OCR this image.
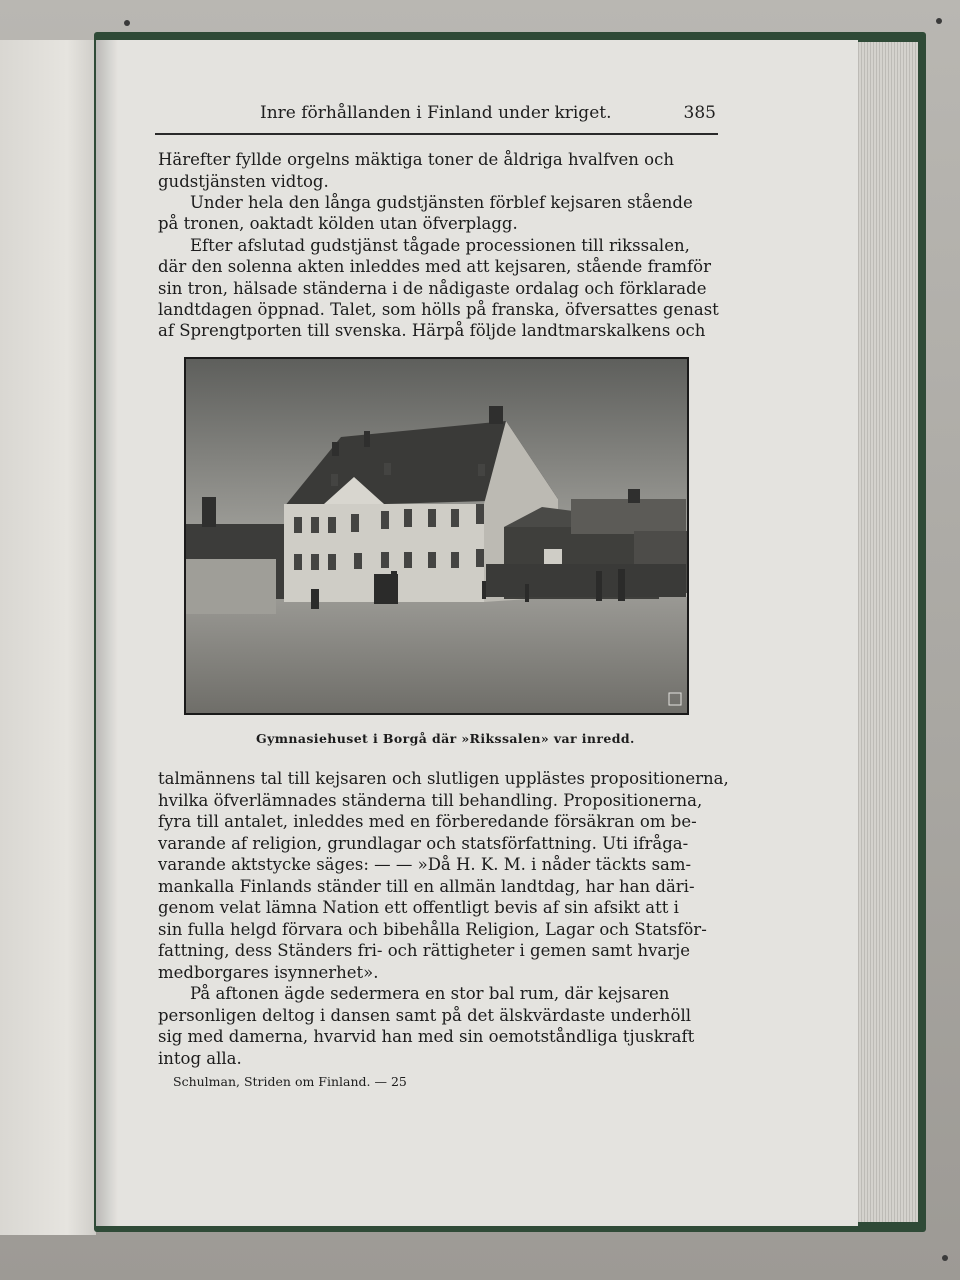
Inre förhållanden i Finland under kriget.	385
Härefter fyllde orgelns mäktiga toner de åldriga hvalfven och
gudstjänsten vidtog.
Under hela den långa gudstjänsten förblef kejsaren stående
på tronen, oaktadt kölden utan öfverplagg.
Efter afslutad gudstjänst tågade processionen till rikssalen,
där den solenna akten inleddes med att kejsaren, stående framför
sin tron, hälsade ständerna i de nådigaste ordalag och förklarade
landtdagen öppnad. Talet, som hölls på franska, öfversattes genast
af Sprengtporten till svenska. Härpå följde landtmarskalkens och
Gymnasiehuset i Borgå där »Rikssalen» var inredd.
talmännens tal till kejsaren och slutligen upplästes propositionerna,
hvilka öfverlämnades ständerna till behandling. Propositionerna,
fyra till antalet, inleddes med en förberedande försäkran om be-
varande af religion, grundlagar och statsförfattning. Uti ifråga-
varande aktstycke säges: — — »Då H. K. M. i nåder täckts sam-
mankalla Finlands ständer till en allmän landtdag, har han däri-
genom velat lämna Nation ett offentligt bevis af sin afsikt att i
sin fulla helgd förvara och bibehålla Religion, Lagar och Statsför-
fattning, dess Ständers fri- och rättigheter i gemen samt hvarje
medborgares isynnerhet».
På aftonen ägde sedermera en stor bal rum, där kejsaren
personligen deltog i dansen samt på det älskvärdaste underhöll
sig med damerna, hvarvid han med sin oemotståndliga tjuskraft
intog alla.
Schulman, Striden om Finland. — 25
